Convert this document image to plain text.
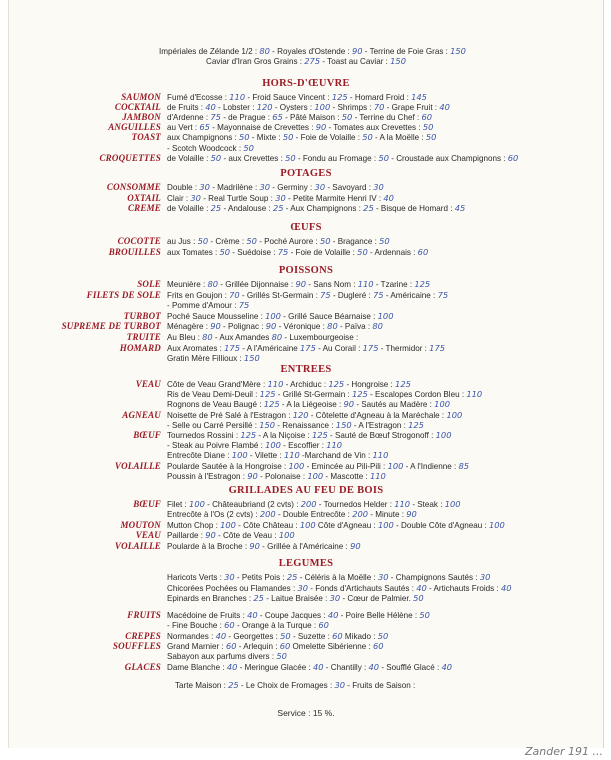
Impériales de Zélande 1/2 : 80 - Royales d'Ostende : 90 - Terrine de Foie Gras : 150
Caviar d'Iran Gros Grains : 275 - Toast au Caviar : 150
HORS-D'ŒUVRE
SAUMON Fumé d'Ecosse : 110 - Froid Sauce Vincent : 125 - Homard Froid : 145
COCKTAIL de Fruits : 40 - Lobster : 120 - Oysters : 100 - Shrimps : 70 - Grape Fruit : 40
JAMBON d'Ardenne : 75 - de Prague : 65 - Pâté Maison : 50 - Terrine du Chef : 60
ANGUILLES au Vert : 65 - Mayonnaise de Crevettes : 90 - Tomates aux Crevettes : 50
TOAST aux Champignons : 50 - Mixte : 50 - Foie de Volaille : 50 - A la Moëlle : 50
- Scotch Woodcock : 50
CROQUETTES de Volaille : 50 - aux Crevettes : 50 - Fondu au Fromage : 50 - Croustade aux Champignons : 60
POTAGES
CONSOMME Double : 30 - Madrilène : 30 - Germiny : 30 - Savoyard : 30
OXTAIL Clair : 30 - Real Turtle Soup : 30 - Petite Marmite Henri IV : 40
CREME de Volaille : 25 - Andalouse : 25 - Aux Champignons : 25 - Bisque de Homard : 45
ŒUFS
COCOTTE au Jus : 50 - Crème : 50 - Poché Aurore : 50 - Bragance : 50
BROUILLES aux Tomates : 50 - Suédoise : 75 - Foie de Volaille : 50 - Ardennais : 60
POISSONS
SOLE Meunière : 80 - Grillée Dijonnaise : 90 - Sans Nom : 110 - Tzarine : 125
FILETS DE SOLE Frits en Goujon : 70 - Grillés St-Germain : 75 - Dugleré : 75 - Américaine : 75
- Pomme d'Amour : 75
TURBOT Poché Sauce Mousseline : 100 - Grillé Sauce Béarnaise : 100
SUPREME DE TURBOT Ménagère : 90 - Polignac : 90 - Véronique : 80 - Païva : 80
TRUITE Au Bleu : 80 - Aux Amandes 80 - Luxembourgeoise :
HOMARD Aux Aromates : 175 - A l'Américaine 175 - Au Corail : 175 - Thermidor : 175
Gratin Mère Fillioux : 150
ENTREES
VEAU Côte de Veau Grand'Mère : 110 - Archiduc : 125 - Hongroise : 125
Ris de Veau Demi-Deuil : 125 - Grillé St-Germain : 125 - Escalopes Cordon Bleu : 110
Rognons de Veau Baugé : 125 - A la Liégeoise : 90 - Sautés au Madère : 100
AGNEAU Noisette de Pré Salé à l'Estragon : 120 - Côtelette d'Agneau à la Maréchale : 100
- Selle ou Carré Persillé : 150 - Renaissance : 150 - A l'Estragon : 125
BŒUF Tournedos Rossini : 125 - A la Niçoise : 125 - Sauté de Bœuf Strogonoff : 100
- Steak au Poivre Flambé : 100 - Escoffier : 110
Entrecôte Diane : 100 - Vilette : 110 -Marchand de Vin : 110
VOLAILLE Poularde Sautée à la Hongroise : 100 - Emincée au Pili-Pili : 100 - A l'Indienne : 85
Poussin à l'Estragon : 90 - Polonaise : 100 - Mascotte : 110
GRILLADES AU FEU DE BOIS
BŒUF Filet : 100 - Châteaubriand (2 cvts) : 200 - Tournedos Helder : 110 - Steak : 100
Entrecôte à l'Os (2 cvts) : 200 - Double Entrecôte : 200 - Minute : 90
MOUTON Mutton Chop : 100 - Côte Château : 100 Côte d'Agneau : 100 - Double Côte d'Agneau : 100
VEAU Paillarde : 90 - Côte de Veau : 100
VOLAILLE Poularde à la Broche : 90 - Grillée à l'Américaine : 90
LEGUMES
Haricots Verts : 30 - Petits Pois : 25 - Céléris à la Moëlle : 30 - Champignons Sautés : 30
Chicorées Pochées ou Flamandes : 30 - Fonds d'Artichauts Sautés : 40 - Artichauts Froids : 40
Epinards en Branches : 25 - Laitue Braisée : 30 - Cœur de Palmier. 50
FRUITS Macédoine de Fruits : 40 - Coupe Jacques : 40 - Poire Belle Hélène : 50
- Fine Bouche : 60 - Orange à la Turque : 60
CREPES Normandes : 40 - Georgettes : 50 - Suzette : 60 Mikado : 50
SOUFFLES Grand Marnier : 60 - Arlequin : 60 Omelette Sibérienne : 60
Sabayon aux parfums divers : 50
GLACES Dame Blanche : 40 - Meringue Glacée : 40 - Chantilly : 40 - Soufflé Glacé : 40
Tarte Maison : 25 - Le Choix de Fromages : 30 - Fruits de Saison :
Service : 15 %.
Zander 191 ...
